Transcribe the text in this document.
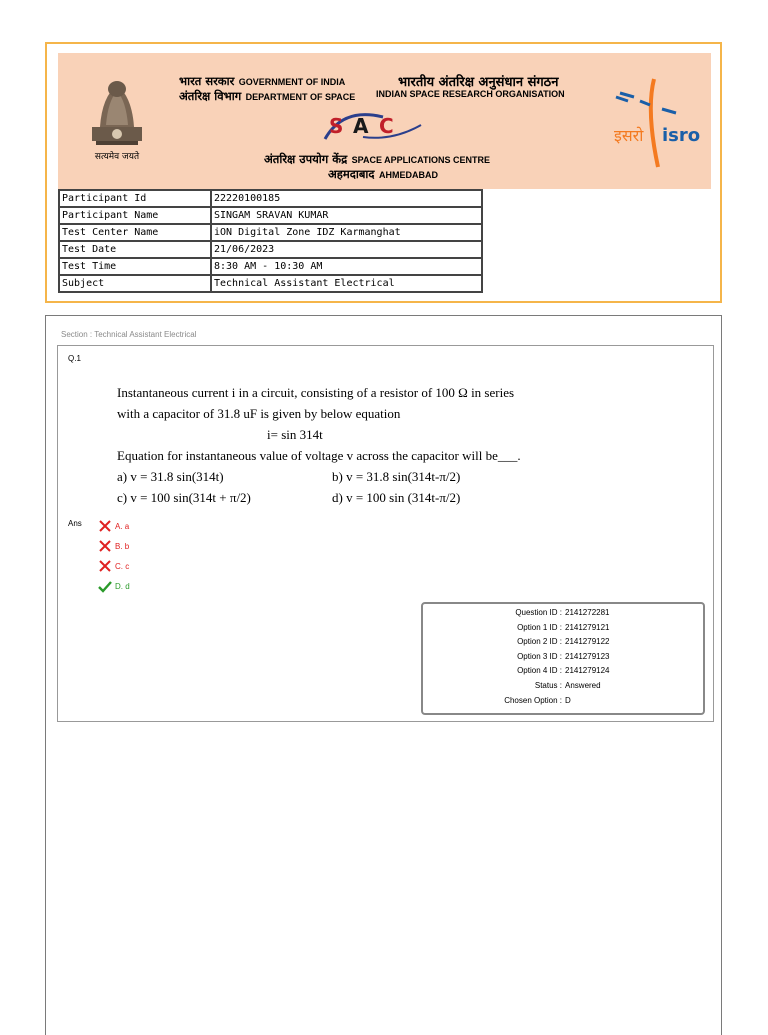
सत्यमेव जयते
भारत सरकार GOVERNMENT OF INDIA
अंतरिक्ष विभाग DEPARTMENT OF SPACE
भारतीय अंतरिक्ष अनुसंधान संगठन
INDIAN SPACE RESEARCH ORGANISATION
S A C
अंतरिक्ष उपयोग केंद्र SPACE APPLICATIONS CENTRE
अहमदाबाद AHMEDABAD
इसरो isro
Participant Id	22220100185
Participant Name	SINGAM SRAVAN KUMAR
Test Center Name	iON Digital Zone IDZ Karmanghat
Test Date	21/06/2023
Test Time	8:30 AM - 10:30 AM
Subject	Technical Assistant Electrical
Section : Technical Assistant Electrical
Q.1
Instantaneous current i in a circuit, consisting of a resistor of 100 Ω in series
with a capacitor of 31.8 uF is given by below equation
i= sin 314t
Equation for instantaneous value of voltage v across the capacitor will be___.
a) v = 31.8 sin(314t)	b) v = 31.8 sin(314t-π/2)
c) v = 100 sin(314t + π/2)	d) v = 100 sin (314t-π/2)
Ans	A. a
B. b
C. c
D. d
Question ID : 2141272281
Option 1 ID : 2141279121
Option 2 ID : 2141279122
Option 3 ID : 2141279123
Option 4 ID : 2141279124
Status : Answered
Chosen Option : D
